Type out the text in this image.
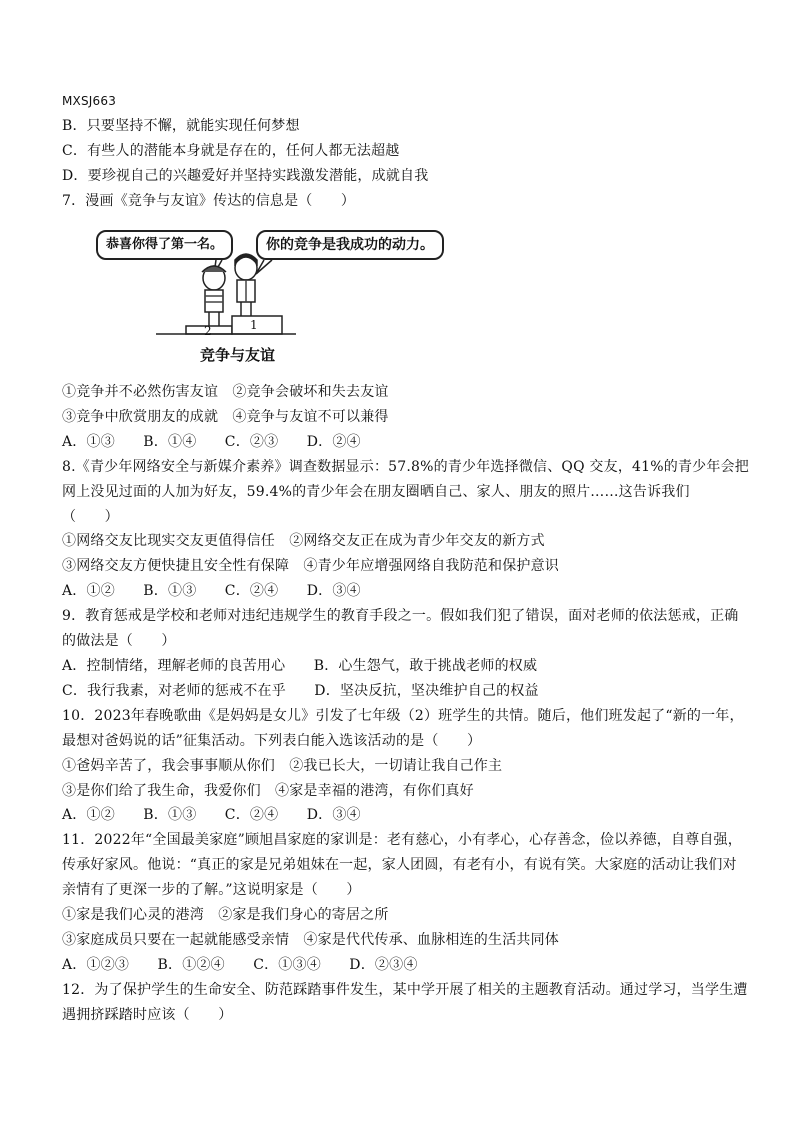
MXSJ663
B．只要坚持不懈，就能实现任何梦想
C．有些人的潜能本身就是存在的，任何人都无法超越
D．要珍视自己的兴趣爱好并坚持实践激发潜能，成就自我
7．漫画《竞争与友谊》传达的信息是（　　）
恭喜你得了第一名。	你的竞争是我成功的动力。
2	1
竞争与友谊
①竞争并不必然伤害友谊　②竞争会破坏和失去友谊
③竞争中欣赏朋友的成就　④竞争与友谊不可以兼得
A．①③　　B．①④　　C．②③　　D．②④
8.《青少年网络安全与新媒介素养》调查数据显示：57.8%的青少年选择微信、QQ 交友，41%的青少年会把
网上没见过面的人加为好友，59.4%的青少年会在朋友圈晒自己、家人、朋友的照片……这告诉我们
（　　）
①网络交友比现实交友更值得信任　②网络交友正在成为青少年交友的新方式
③网络交友方便快捷且安全性有保障　④青少年应增强网络自我防范和保护意识
A．①②　　B．①③　　C．②④　　D．③④
9．教育惩戒是学校和老师对违纪违规学生的教育手段之一。假如我们犯了错误，面对老师的依法惩戒，正确
的做法是（　　）
A．控制情绪，理解老师的良苦用心　　B．心生怨气，敢于挑战老师的权威
C．我行我素，对老师的惩戒不在乎　　D．坚决反抗，坚决维护自己的权益
10．2023年春晚歌曲《是妈妈是女儿》引发了七年级（2）班学生的共情。随后，他们班发起了“新的一年，
最想对爸妈说的话”征集活动。下列表白能入选该活动的是（　　）
①爸妈辛苦了，我会事事顺从你们　②我已长大，一切请让我自己作主
③是你们给了我生命，我爱你们　④家是幸福的港湾，有你们真好
A．①②　　B．①③　　C．②④　　D．③④
11．2022年“全国最美家庭”顾旭昌家庭的家训是：老有慈心，小有孝心，心存善念，俭以养德，自尊自强，
传承好家风。他说：“真正的家是兄弟姐妹在一起，家人团圆，有老有小，有说有笑。大家庭的活动让我们对
亲情有了更深一步的了解。”这说明家是（　　）
①家是我们心灵的港湾　②家是我们身心的寄居之所
③家庭成员只要在一起就能感受亲情　④家是代代传承、血脉相连的生活共同体
A．①②③　　B．①②④　　C．①③④　　D．②③④
12．为了保护学生的生命安全、防范踩踏事件发生，某中学开展了相关的主题教育活动。通过学习，当学生遭
遇拥挤踩踏时应该（　　）
